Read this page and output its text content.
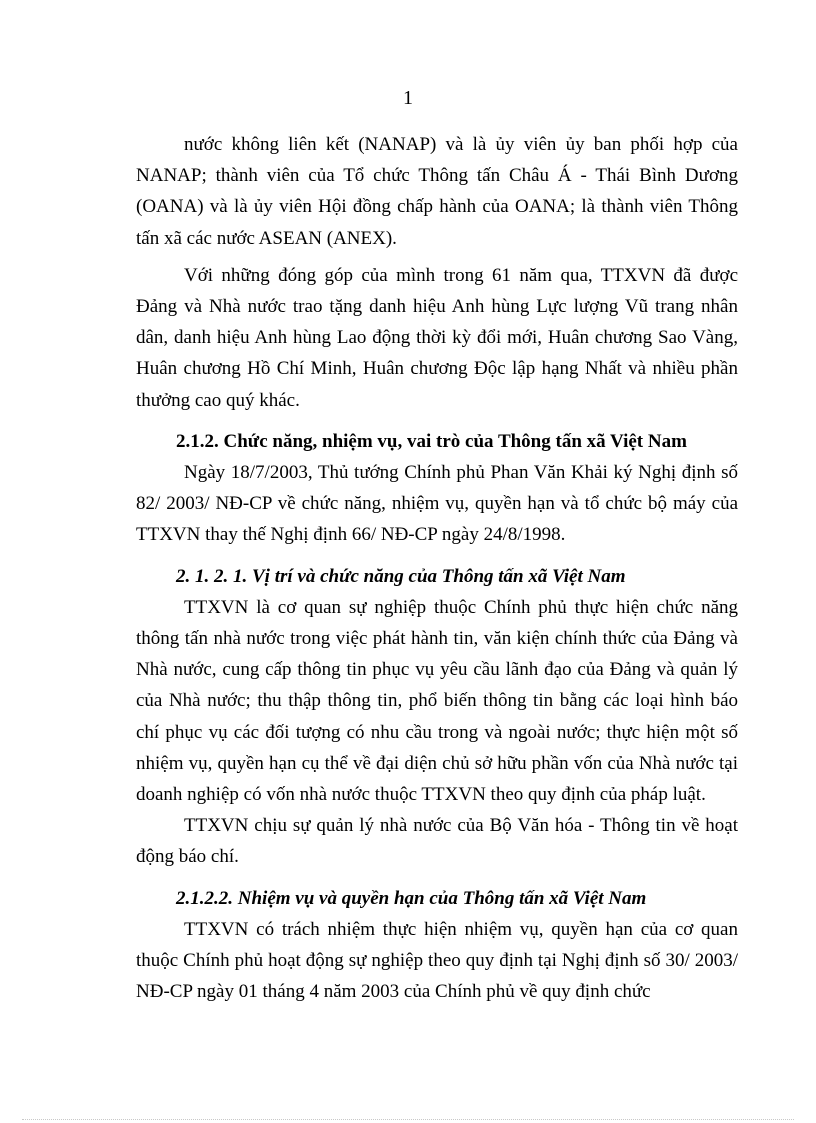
1

nước không liên kết (NANAP) và là ủy viên ủy ban phối hợp của NANAP; thành viên của Tổ chức Thông tấn Châu Á - Thái Bình Dương (OANA) và là ủy viên Hội đồng chấp hành của OANA; là thành viên Thông tấn xã các nước ASEAN (ANEX).

Với những đóng góp của mình trong 61 năm qua, TTXVN đã được Đảng và Nhà nước trao tặng danh hiệu Anh hùng Lực lượng Vũ trang nhân dân, danh hiệu Anh hùng Lao động thời kỳ đổi mới, Huân chương Sao Vàng, Huân chương Hồ Chí Minh, Huân chương Độc lập hạng Nhất và nhiều phần thưởng cao quý khác.

2.1.2. Chức năng, nhiệm vụ, vai trò của Thông tấn xã Việt Nam

Ngày 18/7/2003, Thủ tướng Chính phủ Phan Văn Khải ký Nghị định số 82/ 2003/ NĐ-CP về chức năng, nhiệm vụ, quyền hạn và tổ chức bộ máy của TTXVN thay thế Nghị định 66/ NĐ-CP ngày 24/8/1998.

2. 1. 2. 1. Vị trí và chức năng của Thông tấn xã Việt Nam

TTXVN là cơ quan sự nghiệp thuộc Chính phủ thực hiện chức năng thông tấn nhà nước trong việc phát hành tin, văn kiện chính thức của Đảng và Nhà nước, cung cấp thông tin phục vụ yêu cầu lãnh đạo của Đảng và quản lý của Nhà nước; thu thập thông tin, phổ biến thông tin bằng các loại hình báo chí phục vụ các đối tượng có nhu cầu trong và ngoài nước; thực hiện một số nhiệm vụ, quyền hạn cụ thể về đại diện chủ sở hữu phần vốn của Nhà nước tại doanh nghiệp có vốn nhà nước thuộc TTXVN theo quy định của pháp luật.

TTXVN chịu sự quản lý nhà nước của Bộ Văn hóa - Thông tin về hoạt động báo chí.

2.1.2.2. Nhiệm vụ và quyền hạn của Thông tấn xã Việt Nam

TTXVN có trách nhiệm thực hiện nhiệm vụ, quyền hạn của cơ quan thuộc Chính phủ hoạt động sự nghiệp theo quy định tại Nghị định số 30/ 2003/ NĐ-CP ngày 01 tháng 4 năm 2003 của Chính phủ về quy định chức
